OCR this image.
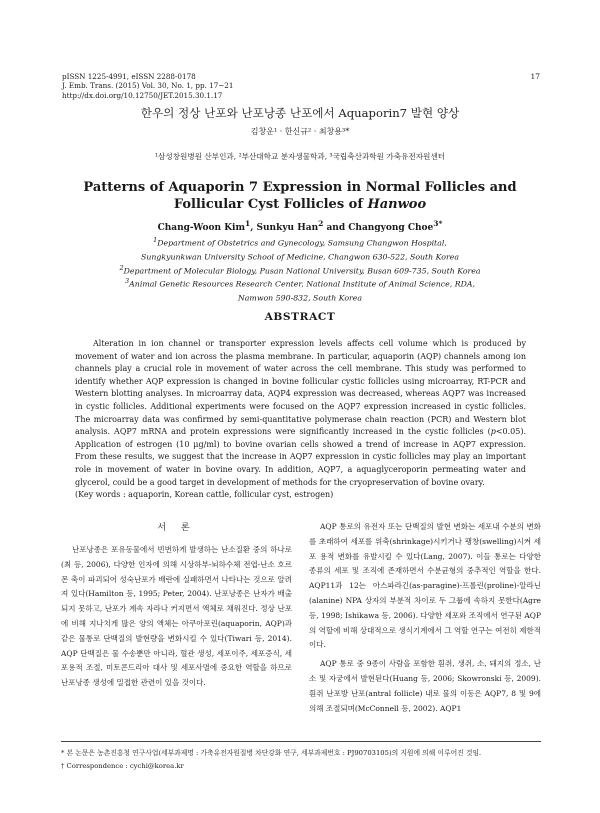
pISSN 1225-4991, eISSN 2288-0178
J. Emb. Trans. (2015) Vol. 30, No. 1, pp. 17~21
http://dx.doi.org/10.12750/JET.2015.30.1.17
17
한우의 정상 난포와 난포낭종 난포에서 Aquaporin7 발현 양상
김창운¹ · 한신규² · 최창용³*
¹삼성창원병원 산부인과, ²부산대학교 분자생물학과, ³국립축산과학원 가축유전자원센터
Patterns of Aquaporin 7 Expression in Normal Follicles and
Follicular Cyst Follicles of Hanwoo
Chang-Woon Kim$^1$, Sunkyu Han$^2$ and Changyong Choe$^{3*}$
$^1$Department of Obstetrics and Gynecology, Samsung Changwon Hospital,
Sungkyunkwan University School of Medicine, Changwon 630-522, South Korea
$^2$Department of Molecular Biology, Pusan National University, Busan 609-735, South Korea
$^3$Animal Genetic Resources Research Center, National Institute of Animal Science, RDA,
Namwon 590-832, South Korea
ABSTRACT

Alteration in ion channel or transporter expression levels affects cell volume which is produced by movement of water and ion across the plasma membrane. In particular, aquaporin (AQP) channels among ion channels play a crucial role in movement of water across the cell membrane. This study was performed to identify whether AQP expression is changed in bovine follicular cystic follicles using microarray, RT-PCR and Western blotting analyses. In microarray data, AQP4 expression was decreased, whereas AQP7 was increased in cystic follicles. Additional experiments were focused on the AQP7 expression increased in cystic follicles. The microarray data was confirmed by semi-quantitative polymerase chain reaction (PCR) and Western blot analysis. AQP7 mRNA and protein expressions were significantly increased in the cystic follicles (p<0.05). Application of estrogen (10 μg/ml) to bovine ovarian cells showed a trend of increase in AQP7 expression. From these results, we suggest that the increase in AQP7 expression in cystic follicles may play an important role in movement of water in bovine ovary. In addition, AQP7, a aquaglyceroporin permeating water and glycerol, could be a good target in development of methods for the cryopreservation of bovine ovary.

(Key words : aquaporin, Korean cattle, follicular cyst, estrogen)

서 론

난포낭종은 포유동물에서 빈번하게 발생하는 난소질환 중의 하나로(최 등, 2006), 다양한 인자에 의해 시상하부-뇌하수체 전엽-난소 호르몬 축이 파괴되어 성숙난포가 배란에 실패하면서 나타나는 것으로 알려져 있다(Hamilton 등, 1995; Peter, 2004). 난포낭종은 난자가 배출되지 못하고, 난포가 계속 자라나 커지면서 액체로 채워진다. 정상 난포에 비해 지나치게 많은 양의 액체는 아쿠아포린(aquaporin, AQP)과 같은 물통로 단백질의 발현량을 변화시킬 수 있다(Tiwari 등, 2014). AQP 단백질은 물 수송뿐만 아니라, 혈관 생성, 세포이주, 세포증식, 세포용적 조절, 미토콘드리아 대사 및 세포사멸에 중요한 역할을 하므로 난포낭종 생성에 밀접한 관련이 있을 것이다.

AQP 통로의 유전자 또는 단백질의 발현 변화는 세포내 수분의 변화를 초래하여 세포를 위축(shrinkage)시키거나 팽창(swelling)시켜 세포 용적 변화를 유발시킬 수 있다(Lang, 2007). 이들 통로는 다양한 종류의 세포 및 조직에 존재하면서 수분균형의 중추적인 역할을 한다. AQP11과 12는 아스파라긴(as-paragine)-프롤린(proline)-알라닌(alanine) NPA 상자의 부분적 차이로 두 그룹에 속하지 못한다(Agre 등, 1998; Ishikawa 등, 2006). 다양한 세포와 조직에서 연구된 AQP의 역할에 비해 상대적으로 생식기계에서 그 역할 연구는 여전히 제한적이다.

AQP 통로 중 9종이 사람을 포함한 흰쥐, 생쥐, 소, 돼지의 정소, 난소 및 자궁에서 발현된다(Huang 등, 2006; Skowronski 등, 2009). 흰쥐 난포방 난포(antral follicle) 내로 물의 이동은 AQP7, 8 및 9에 의해 조절되며(McConnell 등, 2002). AQP1

* 본 논문은 농촌진흥청 연구사업(세부과제명 : 가축유전자원질병 차단강화 연구, 세부과제번호 : PJ90703105)의 지원에 의해 이루어진 것임.
† Correspondence : cychi@korea.kr
